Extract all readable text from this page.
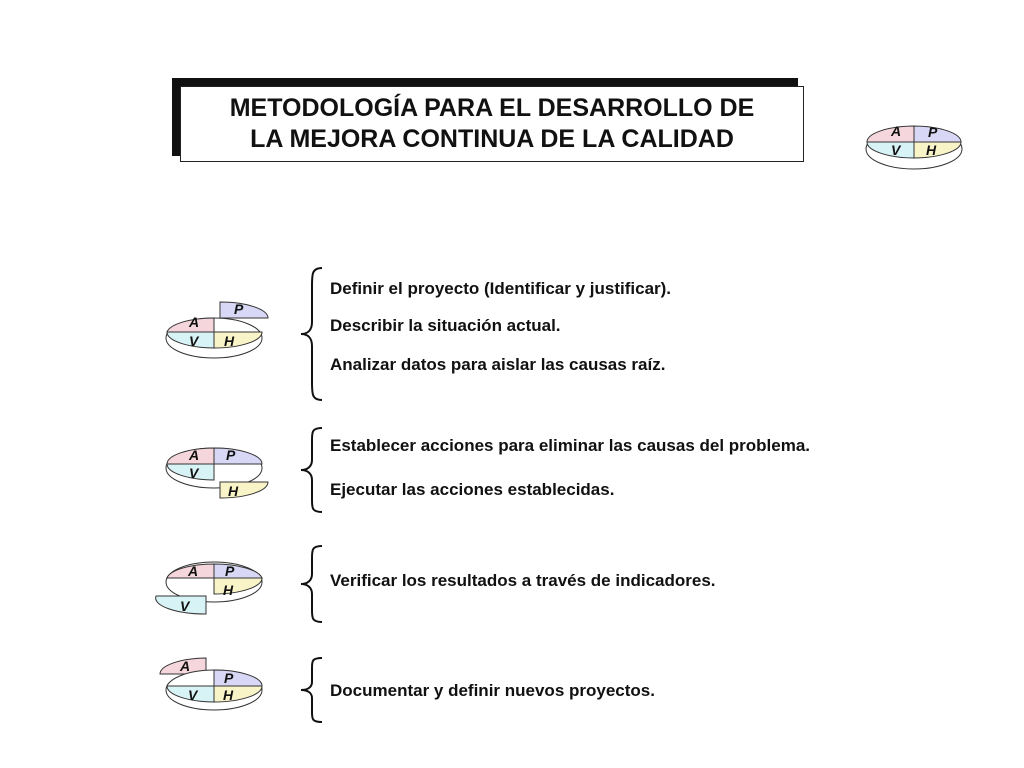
METODOLOGÍA PARA EL DESARROLLO DE
LA MEJORA CONTINUA DE LA CALIDAD	A P
V H
A
P
V H
A P
V
H
A P
V
H
A
P
V H
Definir el proyecto (Identificar y justificar).
Describir la situación actual.
Analizar datos para aislar las causas raíz.
Establecer acciones para eliminar las causas del problema.
Ejecutar las acciones establecidas.
Verificar los resultados a través de indicadores.
Documentar y definir nuevos proyectos.
